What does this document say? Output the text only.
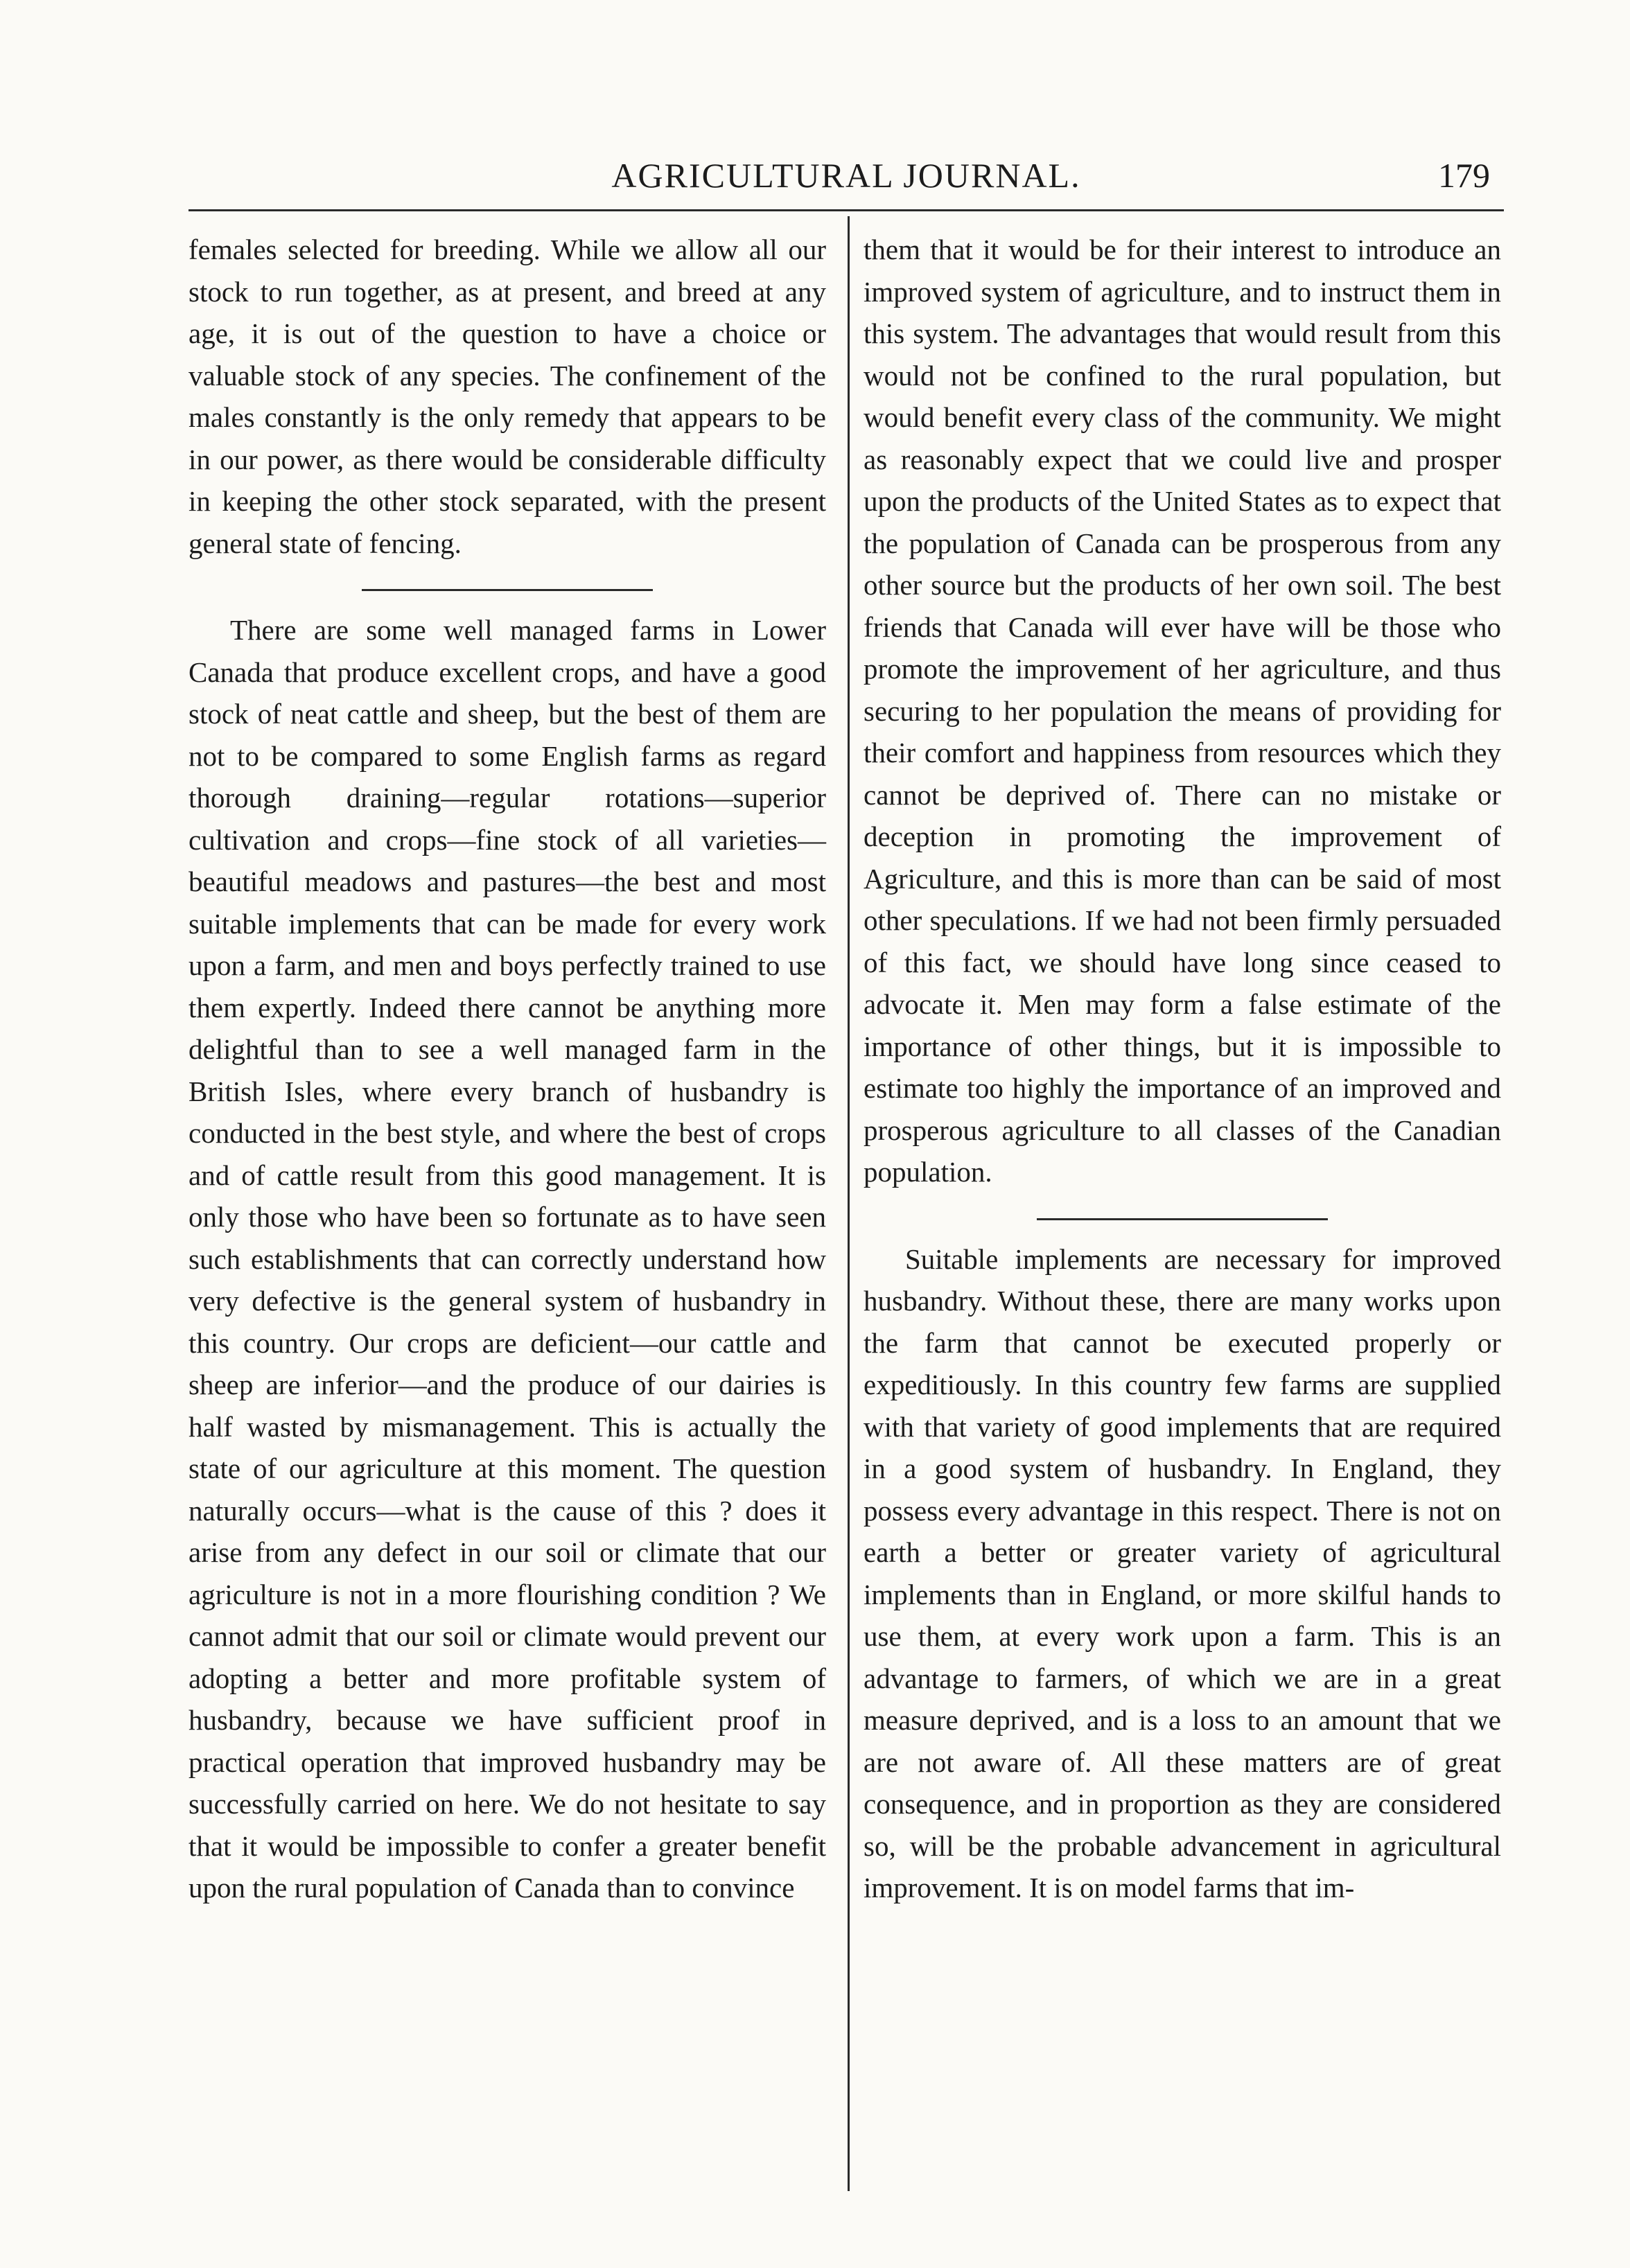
AGRICULTURAL JOURNAL.	179

females selected for breeding. While we allow all our stock to run together, as at present, and breed at any age, it is out of the question to have a choice or valuable stock of any species. The confinement of the males constantly is the only remedy that appears to be in our power, as there would be considerable difficulty in keeping the other stock separated, with the present general state of fencing.

There are some well managed farms in Lower Canada that produce excellent crops, and have a good stock of neat cattle and sheep, but the best of them are not to be compared to some English farms as regard thorough draining—regular rotations—superior cultivation and crops—fine stock of all varieties—beautiful meadows and pastures—the best and most suitable implements that can be made for every work upon a farm, and men and boys perfectly trained to use them expertly. Indeed there cannot be anything more delightful than to see a well managed farm in the British Isles, where every branch of husbandry is conducted in the best style, and where the best of crops and of cattle result from this good management. It is only those who have been so fortunate as to have seen such establishments that can correctly understand how very defective is the general system of husbandry in this country. Our crops are deficient—our cattle and sheep are inferior—and the produce of our dairies is half wasted by mismanagement. This is actually the state of our agriculture at this moment. The question naturally occurs—what is the cause of this ? does it arise from any defect in our soil or climate that our agriculture is not in a more flourishing condition ? We cannot admit that our soil or climate would prevent our adopting a better and more profitable system of husbandry, because we have sufficient proof in practical operation that improved husbandry may be successfully carried on here. We do not hesitate to say that it would be impossible to confer a greater benefit upon the rural population of Canada than to convince

them that it would be for their interest to introduce an improved system of agriculture, and to instruct them in this system. The advantages that would result from this would not be confined to the rural population, but would benefit every class of the community. We might as reasonably expect that we could live and prosper upon the products of the United States as to expect that the population of Canada can be prosperous from any other source but the products of her own soil. The best friends that Canada will ever have will be those who promote the improvement of her agriculture, and thus securing to her population the means of providing for their comfort and happiness from resources which they cannot be deprived of. There can no mistake or deception in promoting the improvement of Agriculture, and this is more than can be said of most other speculations. If we had not been firmly persuaded of this fact, we should have long since ceased to advocate it. Men may form a false estimate of the importance of other things, but it is impossible to estimate too highly the importance of an improved and prosperous agriculture to all classes of the Canadian population.

Suitable implements are necessary for improved husbandry. Without these, there are many works upon the farm that cannot be executed properly or expeditiously. In this country few farms are supplied with that variety of good implements that are required in a good system of husbandry. In England, they possess every advantage in this respect. There is not on earth a better or greater variety of agricultural implements than in England, or more skilful hands to use them, at every work upon a farm. This is an advantage to farmers, of which we are in a great measure deprived, and is a loss to an amount that we are not aware of. All these matters are of great consequence, and in proportion as they are considered so, will be the probable advancement in agricultural improvement. It is on model farms that im-
